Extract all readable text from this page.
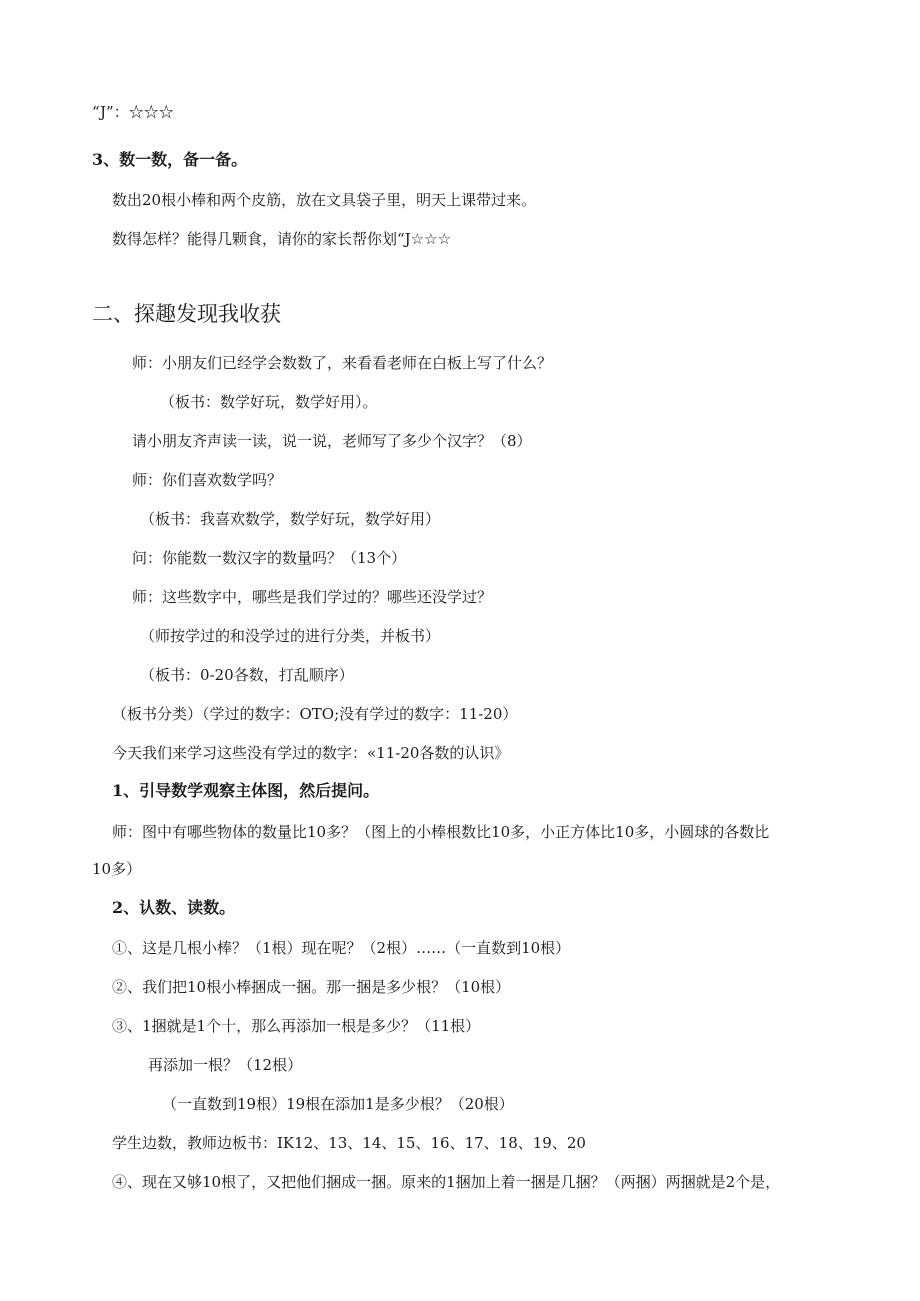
“J”：☆☆☆
3、数一数，备一备。
数出20根小棒和两个皮筋，放在文具袋子里，明天上课带过来。
数得怎样？能得几颗食，请你的家长帮你划“J☆☆☆
二、探趣发现我收获
师：小朋友们已经学会数数了，来看看老师在白板上写了什么？
（板书：数学好玩，数学好用）。
请小朋友齐声读一读，说一说，老师写了多少个汉字？（8）
师：你们喜欢数学吗？
（板书：我喜欢数学，数学好玩，数学好用）
问：你能数一数汉字的数量吗？（13个）
师：这些数字中，哪些是我们学过的？哪些还没学过？
（师按学过的和没学过的进行分类，并板书）
（板书：0-20各数，打乱顺序）
（板书分类）（学过的数字：OTO;没有学过的数字：11-20）
今天我们来学习这些没有学过的数字：«11-20各数的认识》
1、引导数学观察主体图，然后提问。
师：图中有哪些物体的数量比10多？（图上的小棒根数比10多，小正方体比10多，小圆球的各数比
10多）
2、认数、读数。
①、这是几根小棒？（1根）现在呢？（2根）……（一直数到10根）
②、我们把10根小棒捆成一捆。那一捆是多少根？（10根）
③、1捆就是1个十，那么再添加一根是多少？（11根）
再添加一根？（12根）
（一直数到19根）19根在添加1是多少根？（20根）
学生边数，教师边板书：IK12、13、14、15、16、17、18、19、20
④、现在又够10根了，又把他们捆成一捆。原来的1捆加上着一捆是几捆？（两捆）两捆就是2个是，
